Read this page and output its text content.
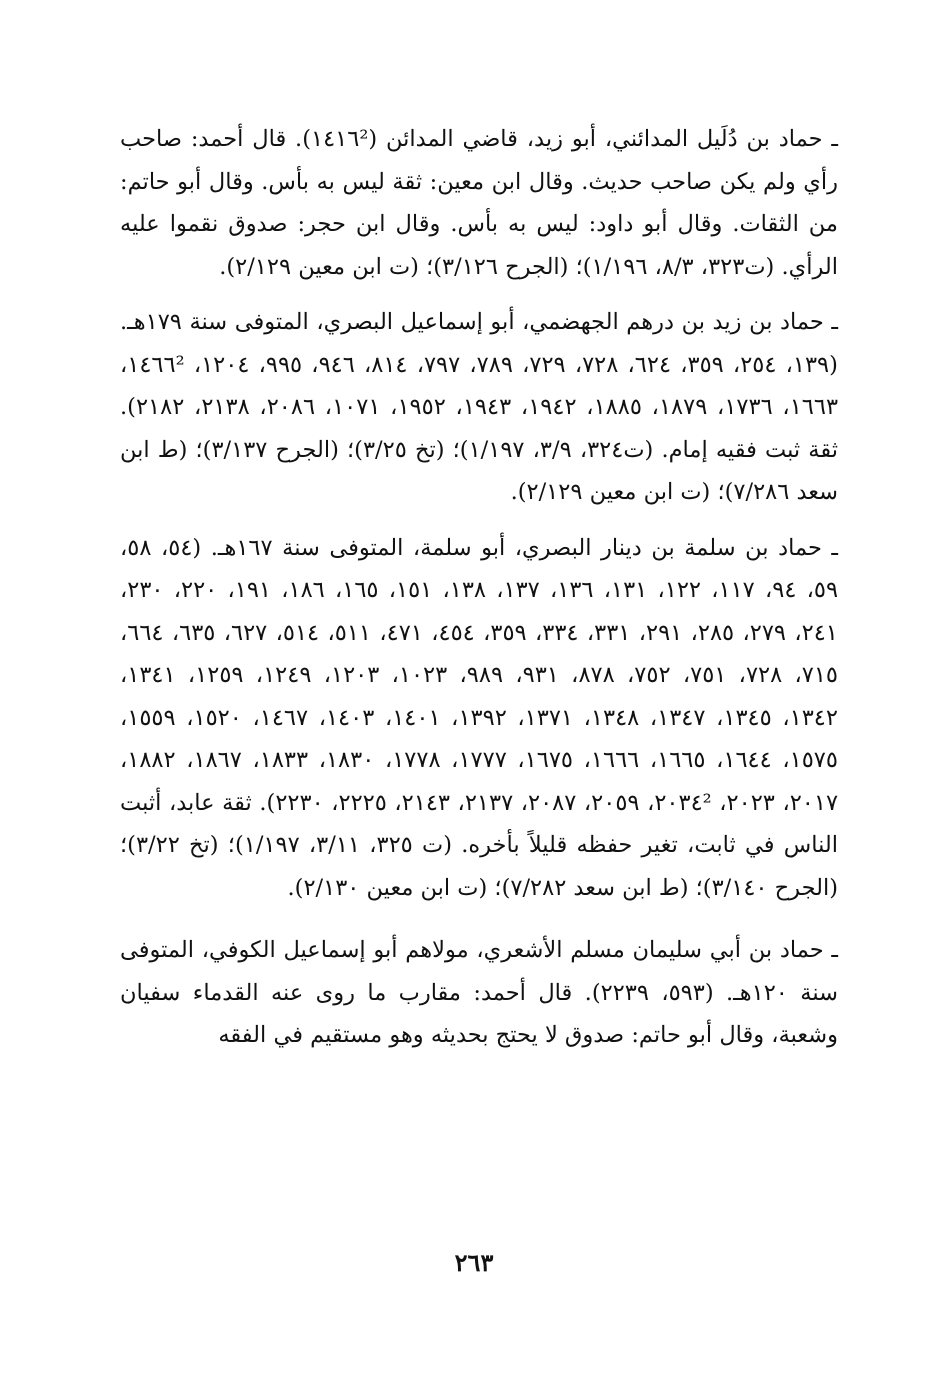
ـ حماد بن دُلَيل المدائني، أبو زيد، قاضي المدائن (١٤١٦²). قال أحمد: صاحب رأي ولم يكن صاحب حديث. وقال ابن معين: ثقة ليس به بأس. وقال أبو حاتم: من الثقات. وقال أبو داود: ليس به بأس. وقال ابن حجر: صدوق نقموا عليه الرأي. (ت٣٢٣، ٨/٣، ١/١٩٦)؛ (الجرح ٣/١٢٦)؛ (ت ابن معين ٢/١٢٩).

ـ حماد بن زيد بن درهم الجهضمي، أبو إسماعيل البصري، المتوفى سنة ١٧٩هـ. (١٣٩، ٢٥٤، ٣٥٩، ٦٢٤، ٧٢٨، ٧٢٩، ٧٨٩، ٧٩٧، ٨١٤، ٩٤٦، ٩٩٥، ١٢٠٤، ١٤٦٦²، ١٦٦٣، ١٧٣٦، ١٨٧٩، ١٨٨٥، ١٩٤٢، ١٩٤٣، ١٩٥٢، ١٠٧١، ٢٠٨٦، ٢١٣٨، ٢١٨٢). ثقة ثبت فقيه إمام. (ت٣٢٤، ٣/٩، ١/١٩٧)؛ (تخ ٣/٢٥)؛ (الجرح ٣/١٣٧)؛ (ط ابن سعد ٧/٢٨٦)؛ (ت ابن معين ٢/١٢٩).

ـ حماد بن سلمة بن دينار البصري، أبو سلمة، المتوفى سنة ١٦٧هـ. (٥٤، ٥٨، ٥٩، ٩٤، ١١٧، ١٢٢، ١٣١، ١٣٦، ١٣٧، ١٣٨، ١٥١، ١٦٥، ١٨٦، ١٩١، ٢٢٠، ٢٣٠، ٢٤١، ٢٧٩، ٢٨٥، ٢٩١، ٣٣١، ٣٣٤، ٣٥٩، ٤٥٤، ٤٧١، ٥١١، ٥١٤، ٦٢٧، ٦٣٥، ٦٦٤، ٧١٥، ٧٢٨، ٧٥١، ٧٥٢، ٨٧٨، ٩٣١، ٩٨٩، ١٠٢٣، ١٢٠٣، ١٢٤٩، ١٢٥٩، ١٣٤١، ١٣٤٢، ١٣٤٥، ١٣٤٧، ١٣٤٨، ١٣٧١، ١٣٩٢، ١٤٠١، ١٤٠٣، ١٤٦٧، ١٥٢٠، ١٥٥٩، ١٥٧٥، ١٦٤٤، ١٦٦٥، ١٦٦٦، ١٦٧٥، ١٧٧٧، ١٧٧٨، ١٨٣٠، ١٨٣٣، ١٨٦٧، ١٨٨٢، ٢٠١٧، ٢٠٢٣، ٢٠٣٤²، ٢٠٥٩، ٢٠٨٧، ٢١٣٧، ٢١٤٣، ٢٢٢٥، ٢٢٣٠). ثقة عابد، أثبت الناس في ثابت، تغير حفظه قليلاً بأخره. (ت ٣٢٥، ٣/١١، ١/١٩٧)؛ (تخ ٣/٢٢)؛ (الجرح ٣/١٤٠)؛ (ط ابن سعد ٧/٢٨٢)؛ (ت ابن معين ٢/١٣٠).

ـ حماد بن أبي سليمان مسلم الأشعري، مولاهم أبو إسماعيل الكوفي، المتوفى سنة ١٢٠هـ. (٥٩٣، ٢٢٣٩). قال أحمد: مقارب ما روى عنه القدماء سفيان وشعبة، وقال أبو حاتم: صدوق لا يحتج بحديثه وهو مستقيم في الفقه

٢٦٣
